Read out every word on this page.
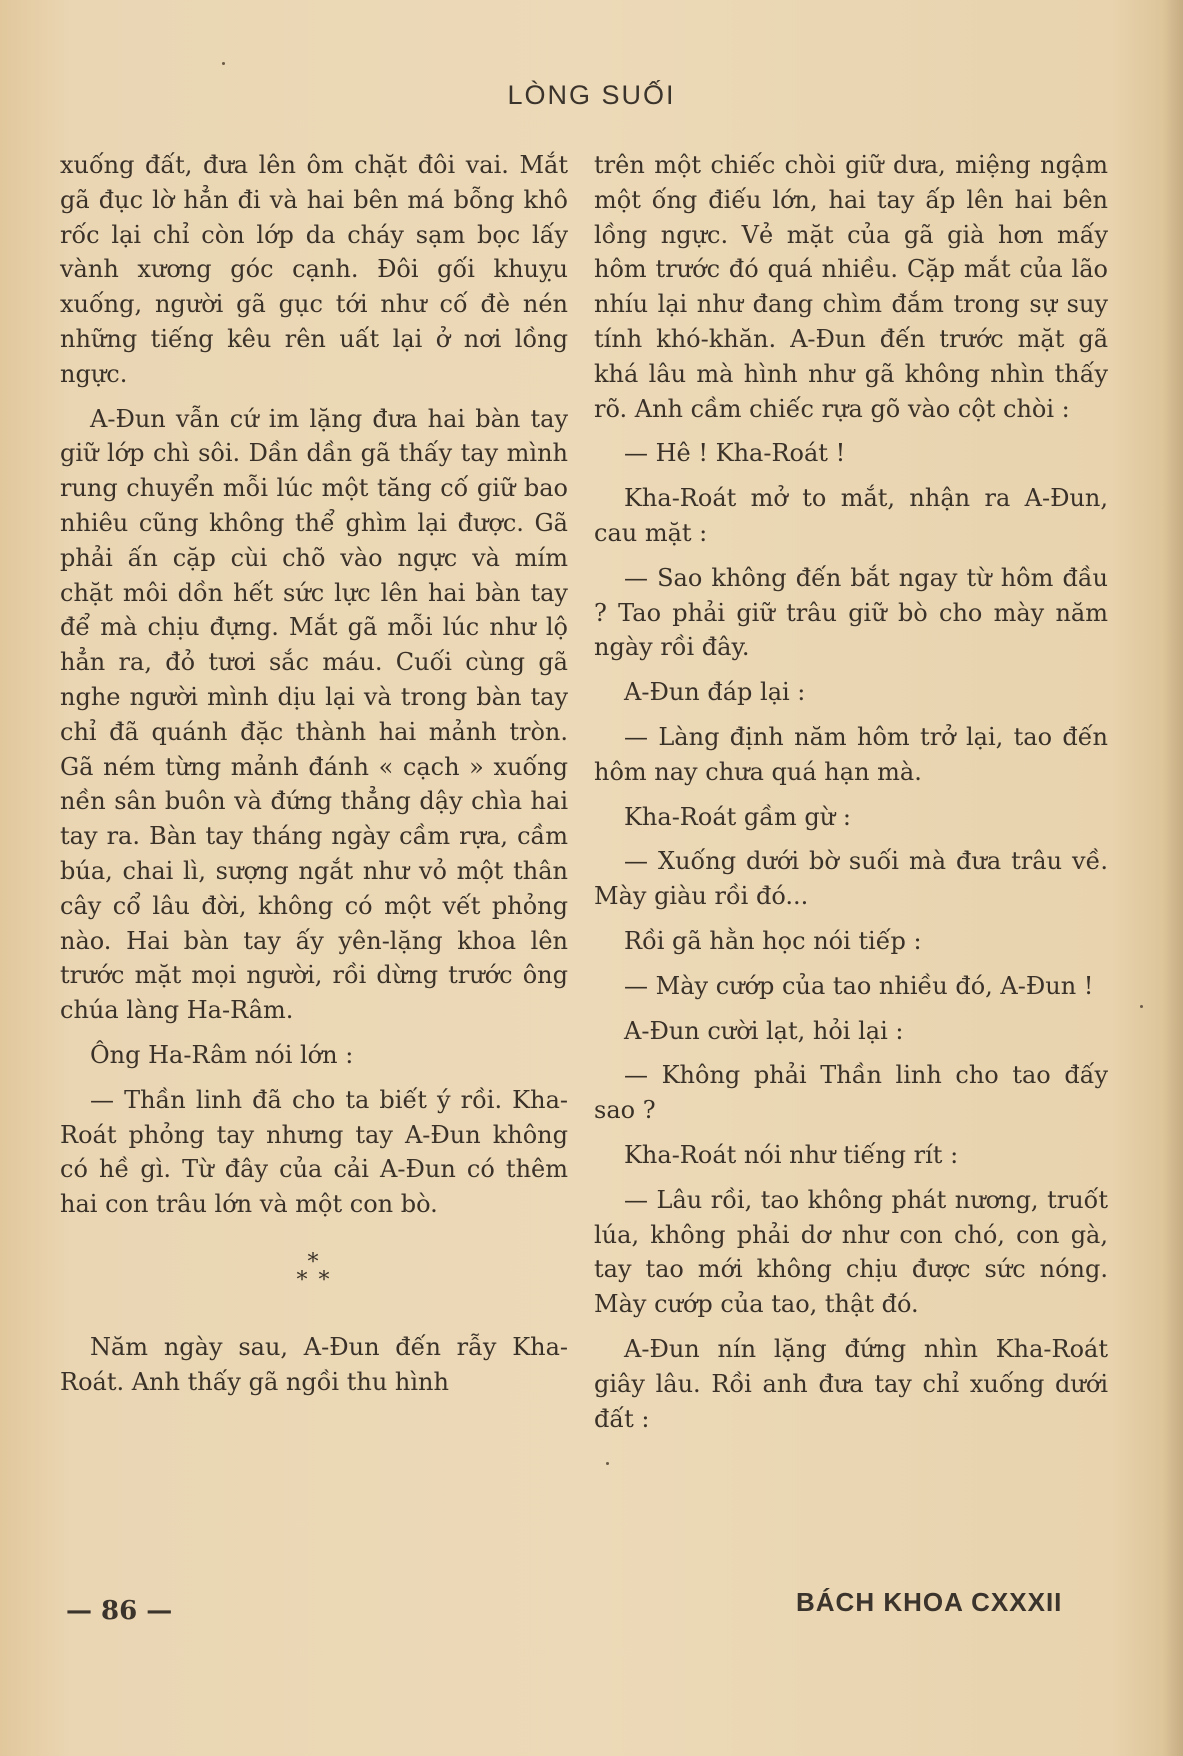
LÒNG SUỐI

xuống đất, đưa lên ôm chặt đôi vai. Mắt gã đục lờ hẳn đi và hai bên má bỗng khô rốc lại chỉ còn lớp da cháy sạm bọc lấy vành xương góc cạnh. Đôi gối khuỵu xuống, người gã gục tới như cố đè nén những tiếng kêu rên uất lại ở nơi lồng ngực.

A-Đun vẫn cứ im lặng đưa hai bàn tay giữ lớp chì sôi. Dần dần gã thấy tay mình rung chuyển mỗi lúc một tăng cố giữ bao nhiêu cũng không thể ghìm lại được. Gã phải ấn cặp cùi chõ vào ngực và mím chặt môi dồn hết sức lực lên hai bàn tay để mà chịu đựng. Mắt gã mỗi lúc như lộ hẳn ra, đỏ tươi sắc máu. Cuối cùng gã nghe người mình dịu lại và trong bàn tay chỉ đã quánh đặc thành hai mảnh tròn. Gã ném từng mảnh đánh « cạch » xuống nền sân buôn và đứng thẳng dậy chìa hai tay ra. Bàn tay tháng ngày cầm rựa, cầm búa, chai lì, sượng ngắt như vỏ một thân cây cổ lâu đời, không có một vết phỏng nào. Hai bàn tay ấy yên-lặng khoa lên trước mặt mọi người, rồi dừng trước ông chúa làng Ha-Râm.

Ông Ha-Râm nói lớn :

— Thần linh đã cho ta biết ý rồi. Kha-Roát phỏng tay nhưng tay A-Đun không có hề gì. Từ đây của cải A-Đun có thêm hai con trâu lớn và một con bò.

*
* *

Năm ngày sau, A-Đun đến rẫy Kha-Roát. Anh thấy gã ngồi thu hình

trên một chiếc chòi giữ dưa, miệng ngậm một ống điếu lớn, hai tay ấp lên hai bên lồng ngực. Vẻ mặt của gã già hơn mấy hôm trước đó quá nhiều. Cặp mắt của lão nhíu lại như đang chìm đắm trong sự suy tính khó-khăn. A-Đun đến trước mặt gã khá lâu mà hình như gã không nhìn thấy rõ. Anh cầm chiếc rựa gõ vào cột chòi :

— Hê ! Kha-Roát !

Kha-Roát mở to mắt, nhận ra A-Đun, cau mặt :

— Sao không đến bắt ngay từ hôm đầu ? Tao phải giữ trâu giữ bò cho mày năm ngày rồi đây.

A-Đun đáp lại :

— Làng định năm hôm trở lại, tao đến hôm nay chưa quá hạn mà.

Kha-Roát gầm gừ :

— Xuống dưới bờ suối mà đưa trâu về. Mày giàu rồi đó...

Rồi gã hằn học nói tiếp :

— Mày cướp của tao nhiều đó, A-Đun !

A-Đun cười lạt, hỏi lại :

— Không phải Thần linh cho tao đấy sao ?

Kha-Roát nói như tiếng rít :

— Lâu rồi, tao không phát nương, truốt lúa, không phải dơ như con chó, con gà, tay tao mới không chịu được sức nóng. Mày cướp của tao, thật đó.

A-Đun nín lặng đứng nhìn Kha-Roát giây lâu. Rồi anh đưa tay chỉ xuống dưới đất :

— 86 —	BÁCH KHOA CXXXII
